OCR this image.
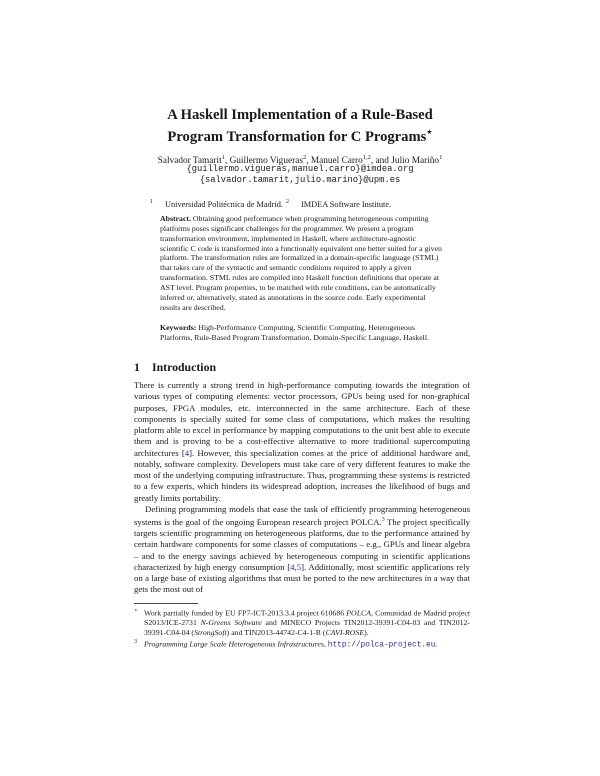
A Haskell Implementation of a Rule-Based
Program Transformation for C Programs⋆
Salvador Tamarit$^1$, Guillermo Vigueras$^2$, Manuel Carro$^{1,2}$, and Julio Mariño$^1$
{guillermo.vigueras,manuel.carro}@imdea.org
{salvador.tamarit,julio.marino}@upm.es
$^1$ Universidad Politécnica de Madrid. $^2$ IMDEA Software Institute.
Abstract. Obtaining good performance when programming heterogeneous computing platforms poses significant challenges for the programmer. We present a program transformation environment, implemented in Haskell, where architecture-agnostic scientific C code is transformed into a functionally equivalent one better suited for a given platform. The transformation rules are formalized in a domain-specific language (STML) that takes care of the syntactic and semantic conditions required to apply a given transformation. STML rules are compiled into Haskell function definitions that operate at AST level. Program properties, to be matched with rule conditions, can be automatically inferred or, alternatively, stated as annotations in the source code. Early experimental results are described.
Keywords: High-Performance Computing, Scientific Computing, Heterogeneous Platforms, Rule-Based Program Transformation, Domain-Specific Language, Haskell.
1 Introduction

There is currently a strong trend in high-performance computing towards the integration of various types of computing elements: vector processors, GPUs being used for non-graphical purposes, FPGA modules, etc. interconnected in the same architecture. Each of these components is specially suited for some class of computations, which makes the resulting platform able to excel in performance by mapping computations to the unit best able to execute them and is proving to be a cost-effective alternative to more traditional supercomputing architectures [4]. However, this specialization comes at the price of additional hardware and, notably, software complexity. Developers must take care of very different features to make the most of the underlying computing infrastructure. Thus, programming these systems is restricted to a few experts, which hinders its widespread adoption, increases the likelihood of bugs and greatly limits portability.

Defining programming models that ease the task of efficiently programming heterogeneous systems is the goal of the ongoing European research project POLCA.$^3$ The project specifically targets scientific programming on heterogeneous platforms, due to the performance attained by certain hardware components for some classes of computations – e.g., GPUs and linear algebra – and to the energy savings achieved by heterogeneous computing in scientific applications characterized by high energy consumption [4,5]. Additionally, most scientific applications rely on a large base of existing algorithms that must be ported to the new architectures in a way that gets the most out of

⋆ Work partially funded by EU FP7-ICT-2013.3.4 project 610686 POLCA, Comunidad de Madrid project S2013/ICE-2731 N-Greens Software and MINECO Projects TIN2012-39391-C04-03 and TIN2012-39391-C04-04 (StrongSoft) and TIN2013-44742-C4-1-R (CAVI-ROSE).
$^3$ Programming Large Scale Heterogeneous Infrastructures, http://polca-project.eu.
